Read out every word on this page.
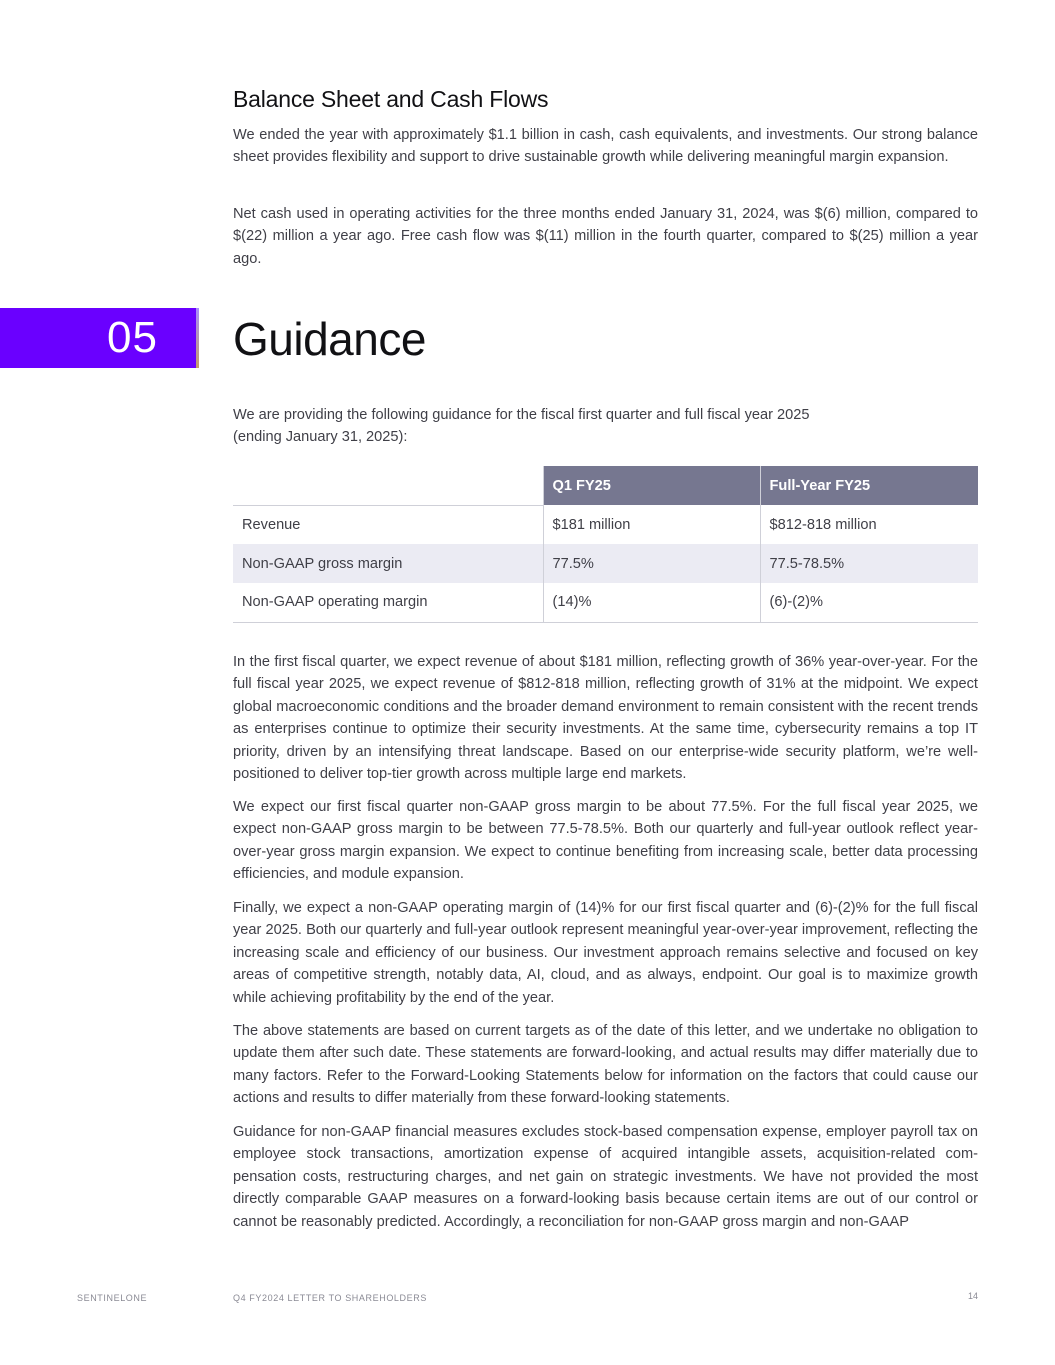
Balance Sheet and Cash Flows

We ended the year with approximately $1.1 billion in cash, cash equivalents, and investments. Our strong balance sheet provides flexibility and support to drive sustainable growth while delivering meaningful margin expansion.

Net cash used in operating activities for the three months ended January 31, 2024, was $(6) million, compared to $(22) million a year ago. Free cash flow was $(11) million in the fourth quarter, compared to $(25) million a year ago.

05	Guidance

We are providing the following guidance for the fiscal first quarter and full fiscal year 2025
(ending January 31, 2025):

	Q1 FY25	Full-Year FY25
Revenue	$181 million	$812-818 million
Non-GAAP gross margin	77.5%	77.5-78.5%
Non-GAAP operating margin	(14)%	(6)-(2)%

In the first fiscal quarter, we expect revenue of about $181 million, reflecting growth of 36% year-over-year. For the full fiscal year 2025, we expect revenue of $812-818 million, reflecting growth of 31% at the midpoint. We expect global macroeconomic conditions and the broader demand environment to remain consistent with the recent trends as enterprises continue to optimize their security investments. At the same time, cybersecurity remains a top IT priority, driven by an intensifying threat landscape. Based on our enterprise-wide security platform, we’re well-positioned to deliver top-tier growth across multiple large end markets.

We expect our first fiscal quarter non-GAAP gross margin to be about 77.5%. For the full fiscal year 2025, we expect non-GAAP gross margin to be between 77.5-78.5%. Both our quarterly and full-year outlook reflect year-over-year gross margin expansion. We expect to continue benefiting from increasing scale, better data processing efficiencies, and module expansion.

Finally, we expect a non-GAAP operating margin of (14)% for our first fiscal quarter and (6)-(2)% for the full fiscal year 2025. Both our quarterly and full-year outlook represent meaningful year-over-year improvement, reflecting the increasing scale and efficiency of our business. Our investment approach remains selective and focused on key areas of competitive strength, notably data, AI, cloud, and as always, endpoint. Our goal is to maximize growth while achieving profitability by the end of the year.

The above statements are based on current targets as of the date of this letter, and we undertake no obligation to update them after such date. These statements are forward-looking, and actual results may differ materially due to many factors. Refer to the Forward-Looking Statements below for information on the factors that could cause our actions and results to differ materially from these forward-looking statements.

Guidance for non-GAAP financial measures excludes stock-based compensation expense, employer payroll tax on employee stock transactions, amortization expense of acquired intangible assets, acquisition-related com-pensation costs, restructuring charges, and net gain on strategic investments. We have not provided the most directly comparable GAAP measures on a forward-looking basis because certain items are out of our control or cannot be reasonably predicted. Accordingly, a reconciliation for non-GAAP gross margin and non-GAAP

SENTINELONE	Q4 FY2024 LETTER TO SHAREHOLDERS	14
